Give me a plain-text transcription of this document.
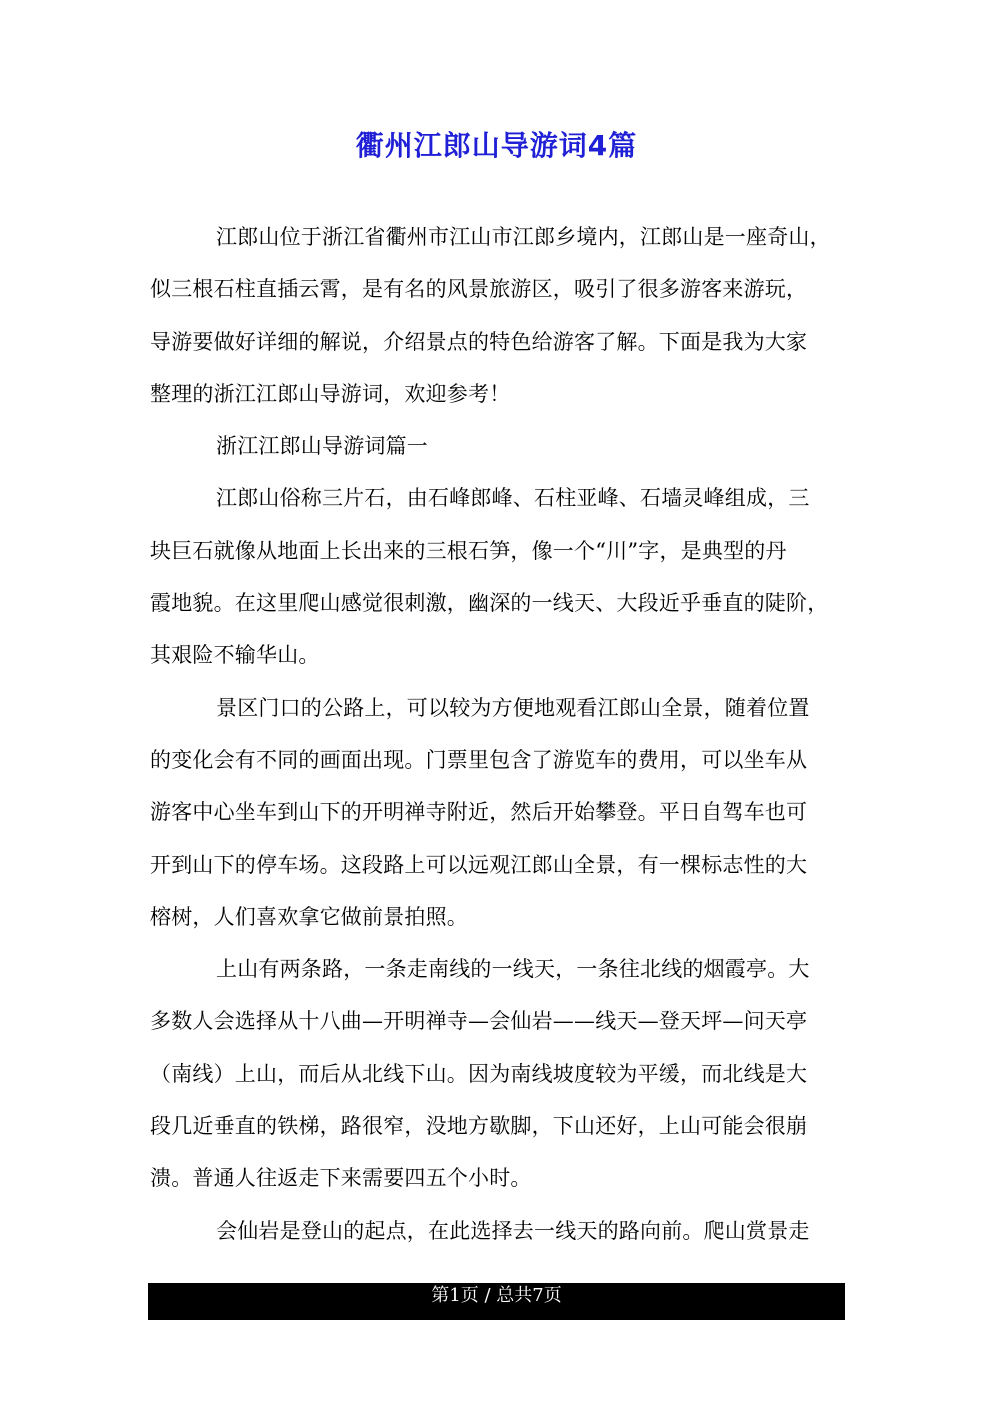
衢州江郎山导游词4篇
江郎山位于浙江省衢州市江山市江郎乡境内，江郎山是一座奇山，
似三根石柱直插云霄，是有名的风景旅游区，吸引了很多游客来游玩，
导游要做好详细的解说，介绍景点的特色给游客了解。下面是我为大家
整理的浙江江郎山导游词，欢迎参考！
浙江江郎山导游词篇一
江郎山俗称三片石，由石峰郎峰、石柱亚峰、石墙灵峰组成，三
块巨石就像从地面上长出来的三根石笋，像一个“川”字，是典型的丹
霞地貌。在这里爬山感觉很刺激，幽深的一线天、大段近乎垂直的陡阶，
其艰险不输华山。
景区门口的公路上，可以较为方便地观看江郎山全景，随着位置
的变化会有不同的画面出现。门票里包含了游览车的费用，可以坐车从
游客中心坐车到山下的开明禅寺附近，然后开始攀登。平日自驾车也可
开到山下的停车场。这段路上可以远观江郎山全景，有一棵标志性的大
榕树，人们喜欢拿它做前景拍照。
上山有两条路，一条走南线的一线天，一条往北线的烟霞亭。大
多数人会选择从十八曲—开明禅寺—会仙岩——线天—登天坪—问天亭
（南线）上山，而后从北线下山。因为南线坡度较为平缓，而北线是大
段几近垂直的铁梯，路很窄，没地方歇脚，下山还好，上山可能会很崩
溃。普通人往返走下来需要四五个小时。
会仙岩是登山的起点，在此选择去一线天的路向前。爬山赏景走
第1页 / 总共7页
